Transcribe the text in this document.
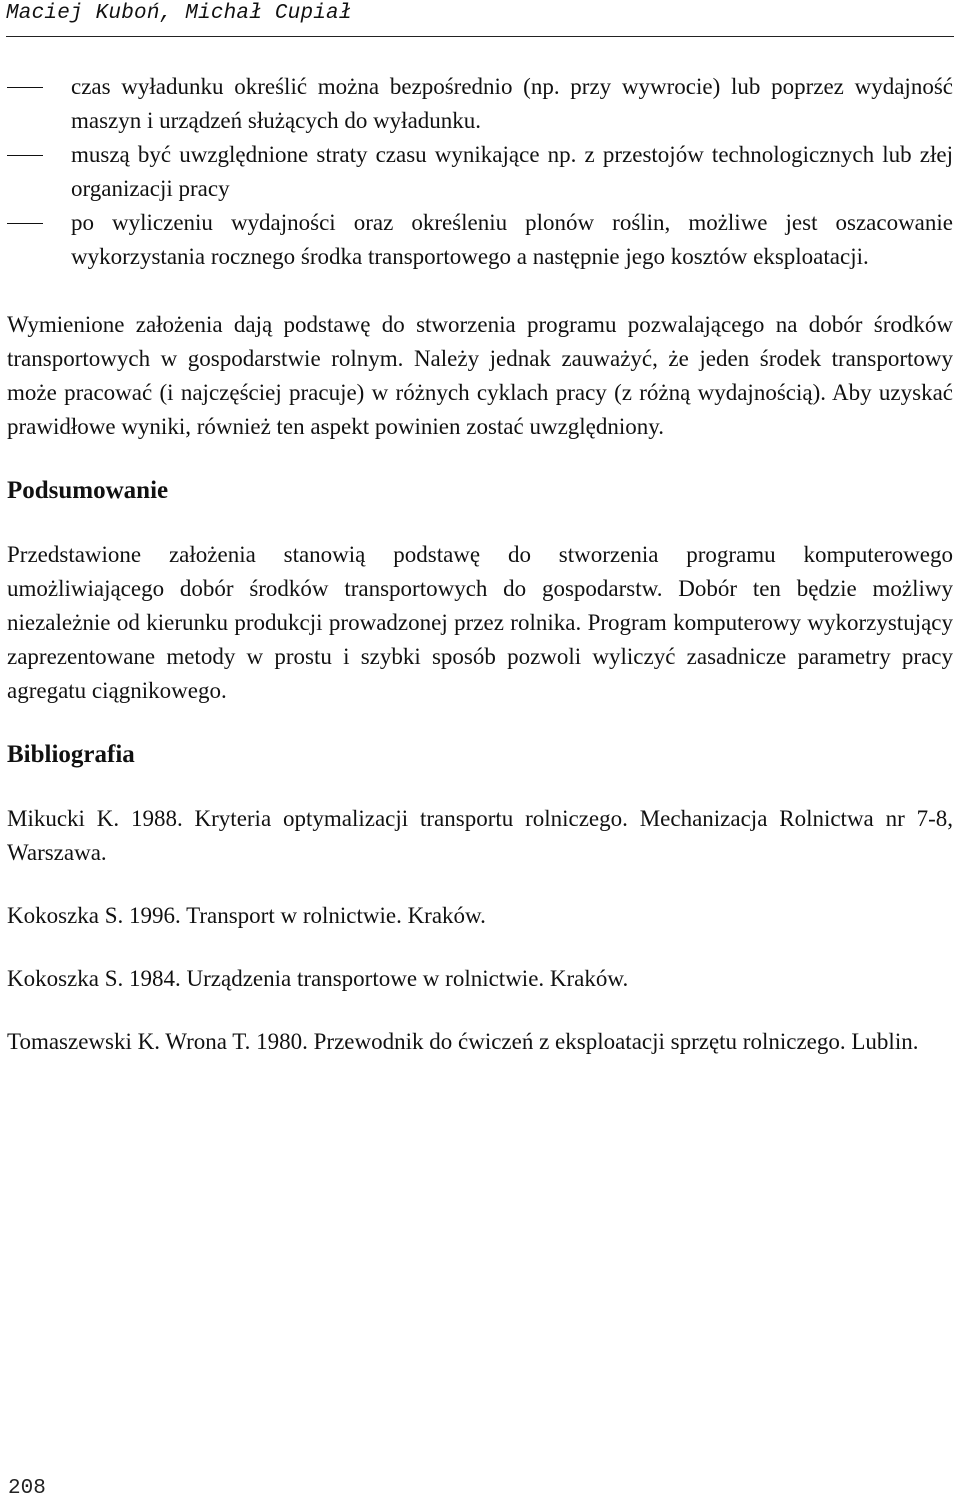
Maciej Kuboń, Michał Cupiał
czas wyładunku określić można bezpośrednio (np. przy wywrocie) lub poprzez wydajność maszyn i urządzeń służących do wyładunku.
muszą być uwzględnione straty czasu wynikające np. z przestojów technologicznych lub złej organizacji pracy
po wyliczeniu wydajności oraz określeniu plonów roślin, możliwe jest oszacowanie wykorzystania rocznego środka transportowego a następnie jego kosztów eksploatacji.

Wymienione założenia dają podstawę do stworzenia programu pozwalającego na dobór środków transportowych w gospodarstwie rolnym. Należy jednak zauważyć, że jeden środek transportowy może pracować (i najczęściej pracuje) w różnych cyklach pracy (z różną wydajnością). Aby uzyskać prawidłowe wyniki, również ten aspekt powinien zostać uwzględniony.

Podsumowanie

Przedstawione założenia stanowią podstawę do stworzenia programu komputerowego umożliwiającego dobór środków transportowych do gospodarstw. Dobór ten będzie możliwy niezależnie od kierunku produkcji prowadzonej przez rolnika. Program komputerowy wykorzystujący zaprezentowane metody w prostu i szybki sposób pozwoli wyliczyć zasadnicze parametry pracy agregatu ciągnikowego.

Bibliografia

Mikucki K. 1988. Kryteria optymalizacji transportu rolniczego. Mechanizacja Rolnictwa nr 7-8, Warszawa.

Kokoszka S. 1996. Transport w rolnictwie. Kraków.

Kokoszka S. 1984. Urządzenia transportowe w rolnictwie. Kraków.

Tomaszewski K. Wrona T. 1980. Przewodnik do ćwiczeń z eksploatacji sprzętu rolniczego. Lublin.

208
